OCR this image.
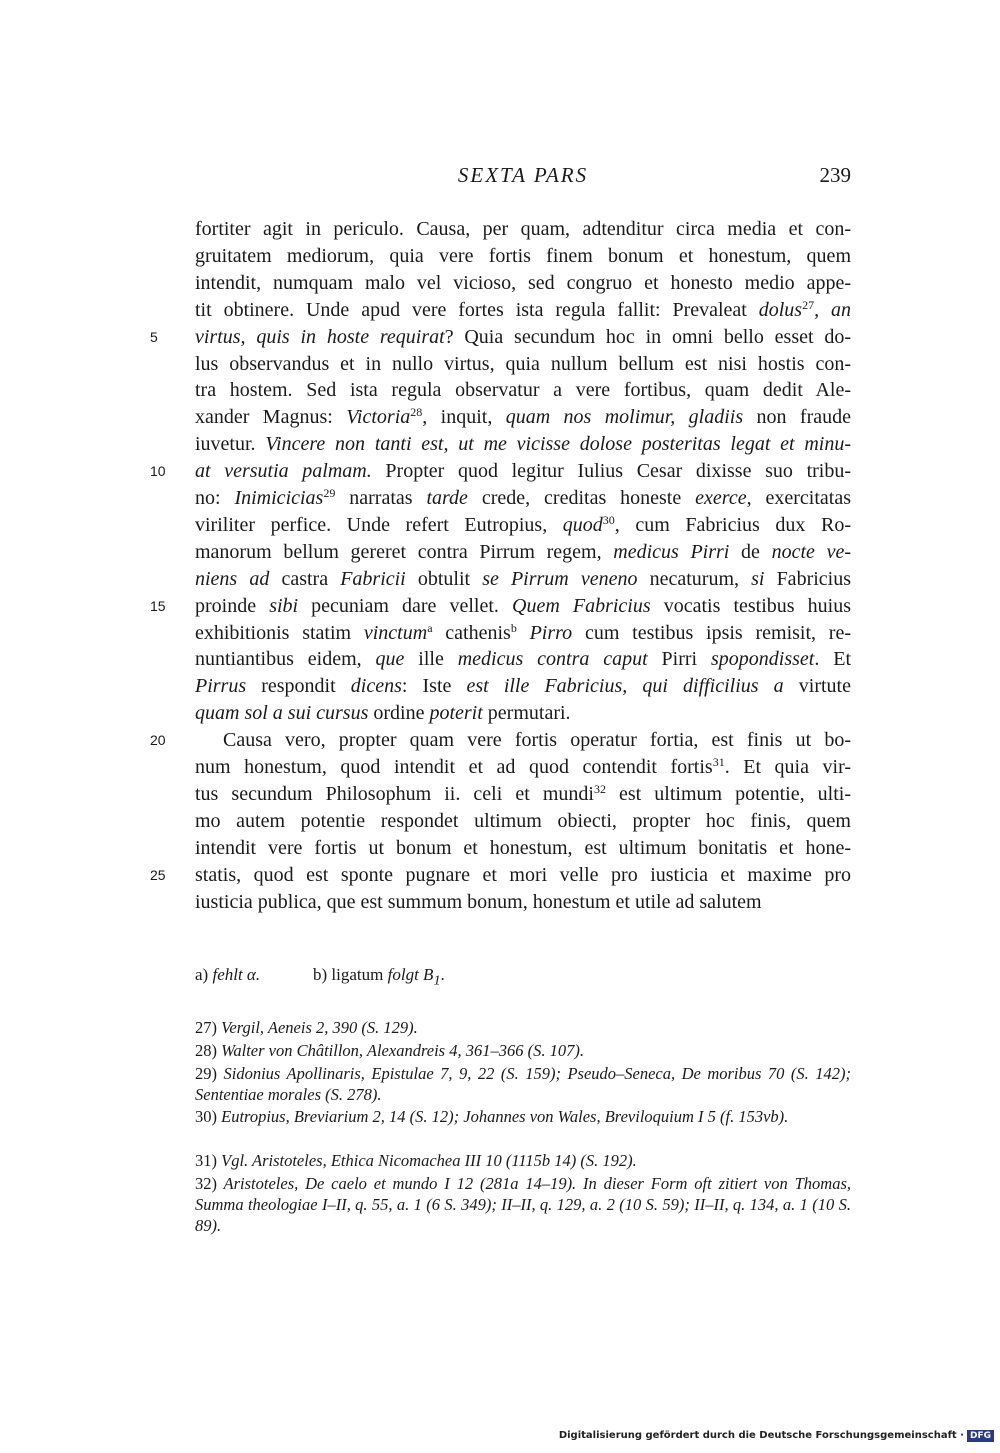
SEXTA PARS	239
5
10
15
20
25
fortiter agit in periculo. Causa, per quam, adtenditur circa media et con-
gruitatem mediorum, quia vere fortis finem bonum et honestum, quem
intendit, numquam malo vel vicioso, sed congruo et honesto medio appe-
tit obtinere. Unde apud vere fortes ista regula fallit: Prevaleat dolus$^{27}$, an
virtus, quis in hoste requirat? Quia secundum hoc in omni bello esset do-
lus observandus et in nullo virtus, quia nullum bellum est nisi hostis con-
tra hostem. Sed ista regula observatur a vere fortibus, quam dedit Ale-
xander Magnus: Victoria$^{28}$, inquit, quam nos molimur, gladiis non fraude
iuvetur. Vincere non tanti est, ut me vicisse dolose posteritas legat et minu-
at versutia palmam. Propter quod legitur Iulius Cesar dixisse suo tribu-
no: Inimicicias$^{29}$ narratas tarde crede, creditas honeste exerce, exercitatas
viriliter perfice. Unde refert Eutropius, quod$^{30}$, cum Fabricius dux Ro-
manorum bellum gereret contra Pirrum regem, medicus Pirri de nocte ve-
niens ad castra Fabricii obtulit se Pirrum veneno necaturum, si Fabricius
proinde sibi pecuniam dare vellet. Quem Fabricius vocatis testibus huius
exhibitionis statim vinctum$^a$ cathenis$^b$ Pirro cum testibus ipsis remisit, re-
nuntiantibus eidem, que ille medicus contra caput Pirri spopondisset. Et
Pirrus respondit dicens: Iste est ille Fabricius, qui difficilius a virtute
quam sol a sui cursus ordine poterit permutari.
Causa vero, propter quam vere fortis operatur fortia, est finis ut bo-
num honestum, quod intendit et ad quod contendit fortis$^{31}$. Et quia vir-
tus secundum Philosophum ii. celi et mundi$^{32}$ est ultimum potentie, ulti-
mo autem potentie respondet ultimum obiecti, propter hoc finis, quem
intendit vere fortis ut bonum et honestum, est ultimum bonitatis et hone-
statis, quod est sponte pugnare et mori velle pro iusticia et maxime pro
iusticia publica, que est summum bonum, honestum et utile ad salutem
a) fehlt α.	b) ligatum folgt $B_1$.
27) Vergil, Aeneis 2, 390 (S. 129).
28) Walter von Châtillon, Alexandreis 4, 361–366 (S. 107).
29) Sidonius Apollinaris, Epistulae 7, 9, 22 (S. 159); Pseudo–Seneca, De moribus 70 (S. 142); Sententiae morales (S. 278).
30) Eutropius, Breviarium 2, 14 (S. 12); Johannes von Wales, Breviloquium I 5 (f. 153vb).
31) Vgl. Aristoteles, Ethica Nicomachea III 10 (1115b 14) (S. 192).
32) Aristoteles, De caelo et mundo I 12 (281a 14–19). In dieser Form oft zitiert von Thomas, Summa theologiae I–II, q. 55, a. 1 (6 S. 349); II–II, q. 129, a. 2 (10 S. 59); II–II, q. 134, a. 1 (10 S. 89).
Digitalisierung gefördert durch die Deutsche Forschungsgemeinschaft · DFG
